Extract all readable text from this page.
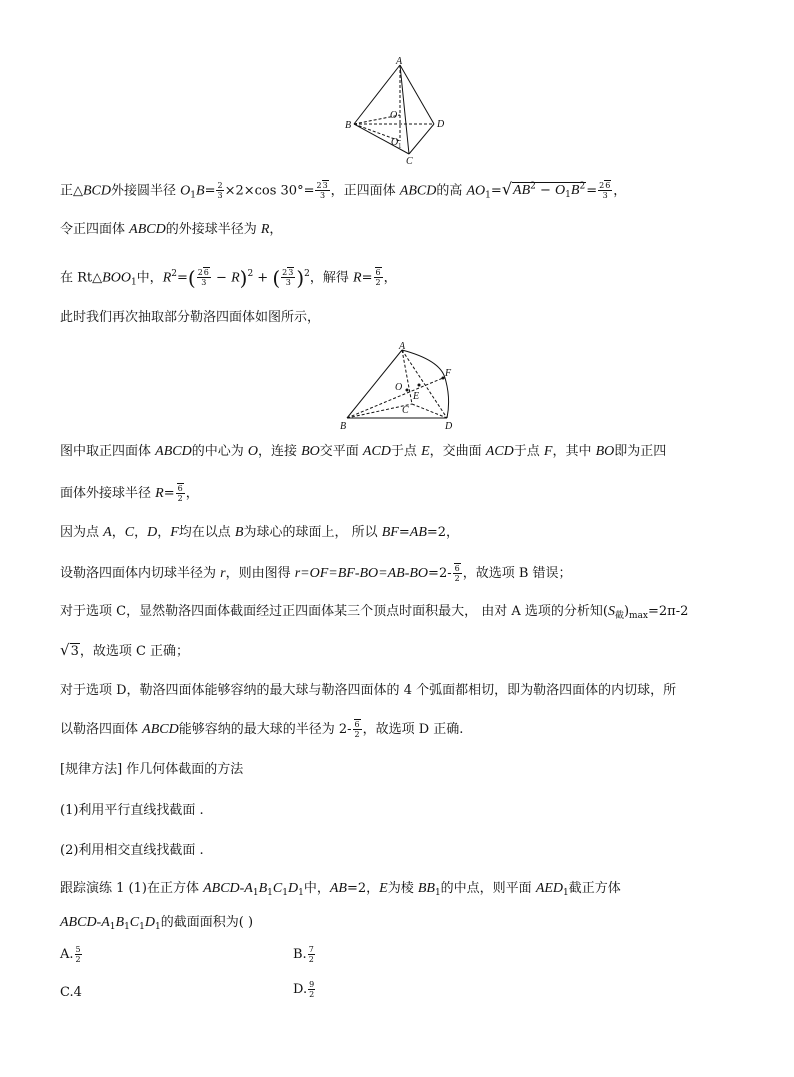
A
B	D
C
O
O 1
正△BCD外接圆半径 $O_1B= \frac{2}{3} \times 2\times\cos$ $30^\circ= \frac{23}{3}$ ，正四面体 ABCD的高 $AO_1=√AB^2 - O_1B^2= \frac{26}{3}$ ，
令正四面体 ABCD的外接球半径为 R，
在 $Rt\triangle BOO_1$中，$R^2=( \frac{26}{3} - R)^2$ + ( $\frac{23}{3} )^2$，解得 $R= \frac{6}{2}$ ，
此时我们再次抽取部分勒洛四面体如图所示，
A
B	D
C
O
E
F
图中取正四面体 ABCD的中心为 O，连接 BO交平面 ACD于点 E，交曲面 ACD于点 F，其中 BO即为正四
面体外接球半径 $R= \frac{6}{2}$ ，
因为点 A，C，D，F均在以点 B为球心的球面上， 所以 BF=AB=2，
设勒洛四面体内切球半径为 r，则由图得 $r=OF=BF-BO=AB-BO=2- \frac{6}{2}$ ，故选项 B 错误；
对于选项 C，显然勒洛四面体截面经过正四面体某三个顶点时面积最大， 由对 A 选项的分析知$(S_截)_{max}=2\pi-2$
√3，故选项 C 正确；
对于选项 D，勒洛四面体能够容纳的最大球与勒洛四面体的 4 个弧面都相切，即为勒洛四面体的内切球，所
以勒洛四面体 ABCD能够容纳的最大球的半径为 $2- \frac{6}{2}$ ，故选项 D 正确.
[规律方法] 作几何体截面的方法
(1)利用平行直线找截面 .
(2)利用相交直线找截面 .
跟踪演练 1 (1)在正方体 ABCD-$A_1B_1C_1D_1$中，AB=2，E为棱 $BB_1$的中点，则平面 $AED_1$截正方体
ABCD-$A_1B_1C_1D_1$的截面面积为( )
A. $\frac{5}{2}$	B. $\frac{7}{2}$
C.4	D. $\frac{9}{2}$
